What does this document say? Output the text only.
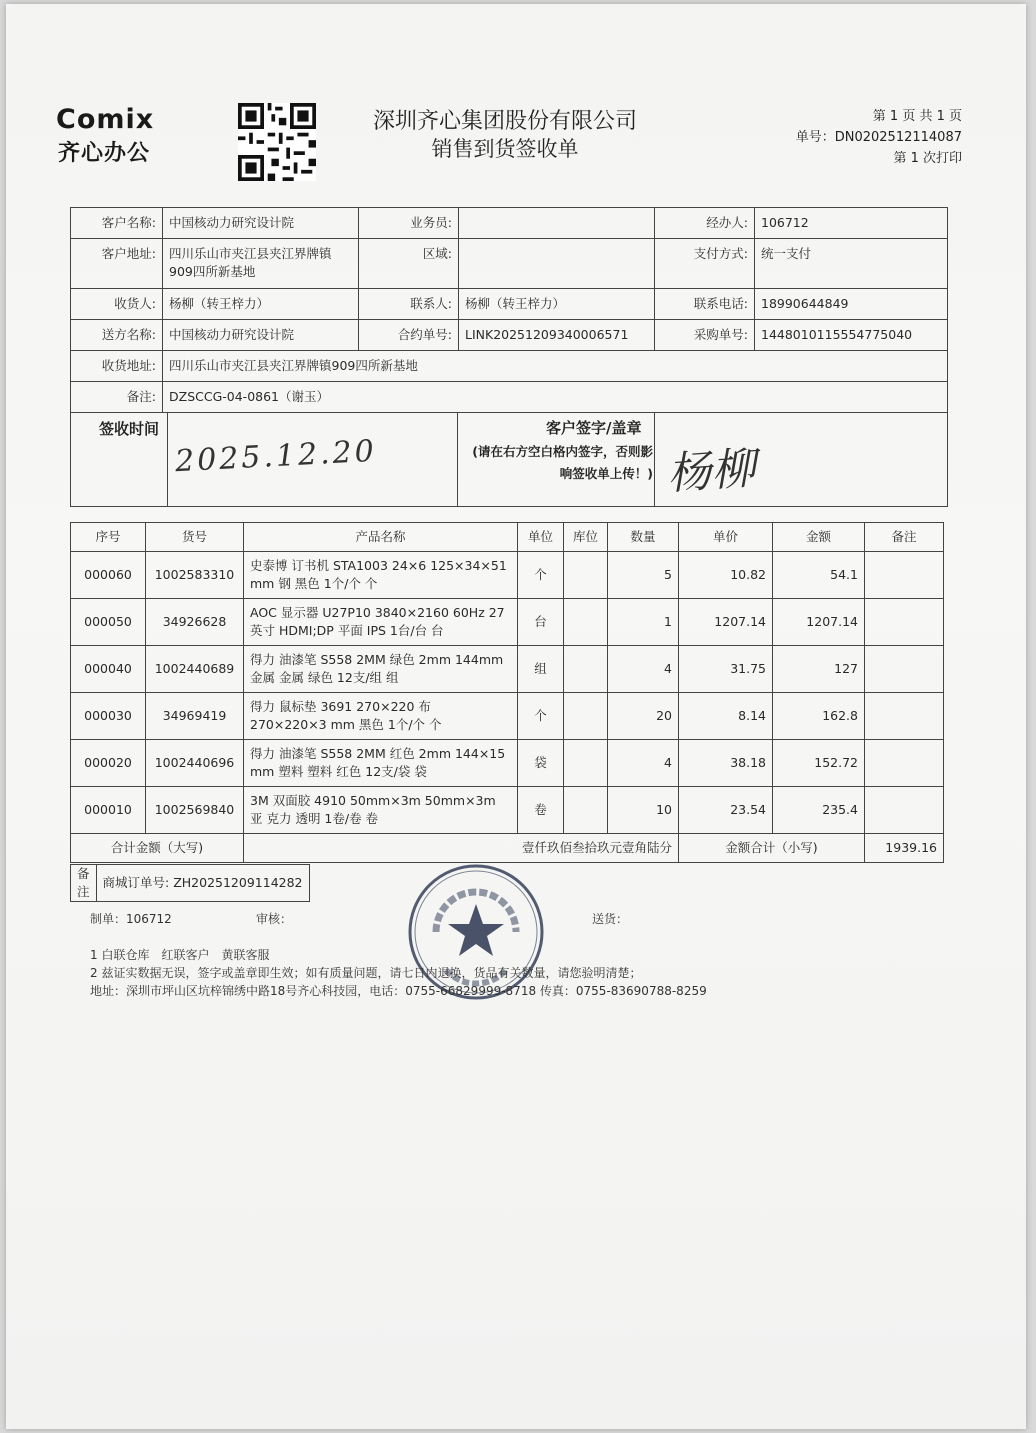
Comix
齐心办公
深圳齐心集团股份有限公司
销售到货签收单
第 1 页 共 1 页
单号：DN0202512114087
第 1 次打印
客户名称:	中国核动力研究设计院	业务员:		经办人:	106712
客户地址:	四川乐山市夹江县夹江界牌镇909四所新基地	区域:		支付方式:	统一支付
收货人:	杨柳（转王梓力）	联系人:	杨柳（转王梓力）	联系电话:	18990644849
送方名称:	中国核动力研究设计院	合约单号:	LINK20251209340006571	采购单号:	1448010115554775040
收货地址:	四川乐山市夹江县夹江界牌镇909四所新基地				
备注:	DZSCCG-04-0861（谢玉）				
签收时间
2025.12.20
客户签字/盖章
(请在右方空白格内签字，否则影响签收单上传！) 杨柳
序号	货号	产品名称	单位	库位	数量	单价	金额	备注
000060	1002583310	史泰博 订书机 STA1003 24×6 125×34×51 mm 钢 黑色 1个/个 个	个		5	10.82	54.1	
000050	34926628	AOC 显示器 U27P10 3840×2160 60Hz 27 英寸 HDMI;DP 平面 IPS 1台/台 台	台		1	1207.14	1207.14	
000040	1002440689	得力 油漆笔 S558 2MM 绿色 2mm 144mm 金属 金属 绿色 12支/组 组	组		4	31.75	127	
000030	34969419	得力 鼠标垫 3691 270×220 布 270×220×3 mm 黑色 1个/个 个	个		20	8.14	162.8	
000020	1002440696	得力 油漆笔 S558 2MM 红色 2mm 144×15 mm 塑料 塑料 红色 12支/袋 袋	袋		4	38.18	152.72	
000010	1002569840	3M 双面胶 4910 50mm×3m 50mm×3m 亚 克力 透明 1卷/卷 卷	卷		10	23.54	235.4	
合计金额（大写)		壹仟玖佰叁拾玖元壹角陆分				金额合计（小写)		1939.16
备注	商城订单号: ZH20251209114282
制单：106712	审核：	送货：
1 白联仓库　红联客户　黄联客服
2 兹证实数据无误，签字或盖章即生效；如有质量问题，请七日内退换，货品有关数量，请您验明清楚；
地址：深圳市坪山区坑梓锦绣中路18号齐心科技园，电话：0755-66829999-8718 传真：0755-83690788-8259
